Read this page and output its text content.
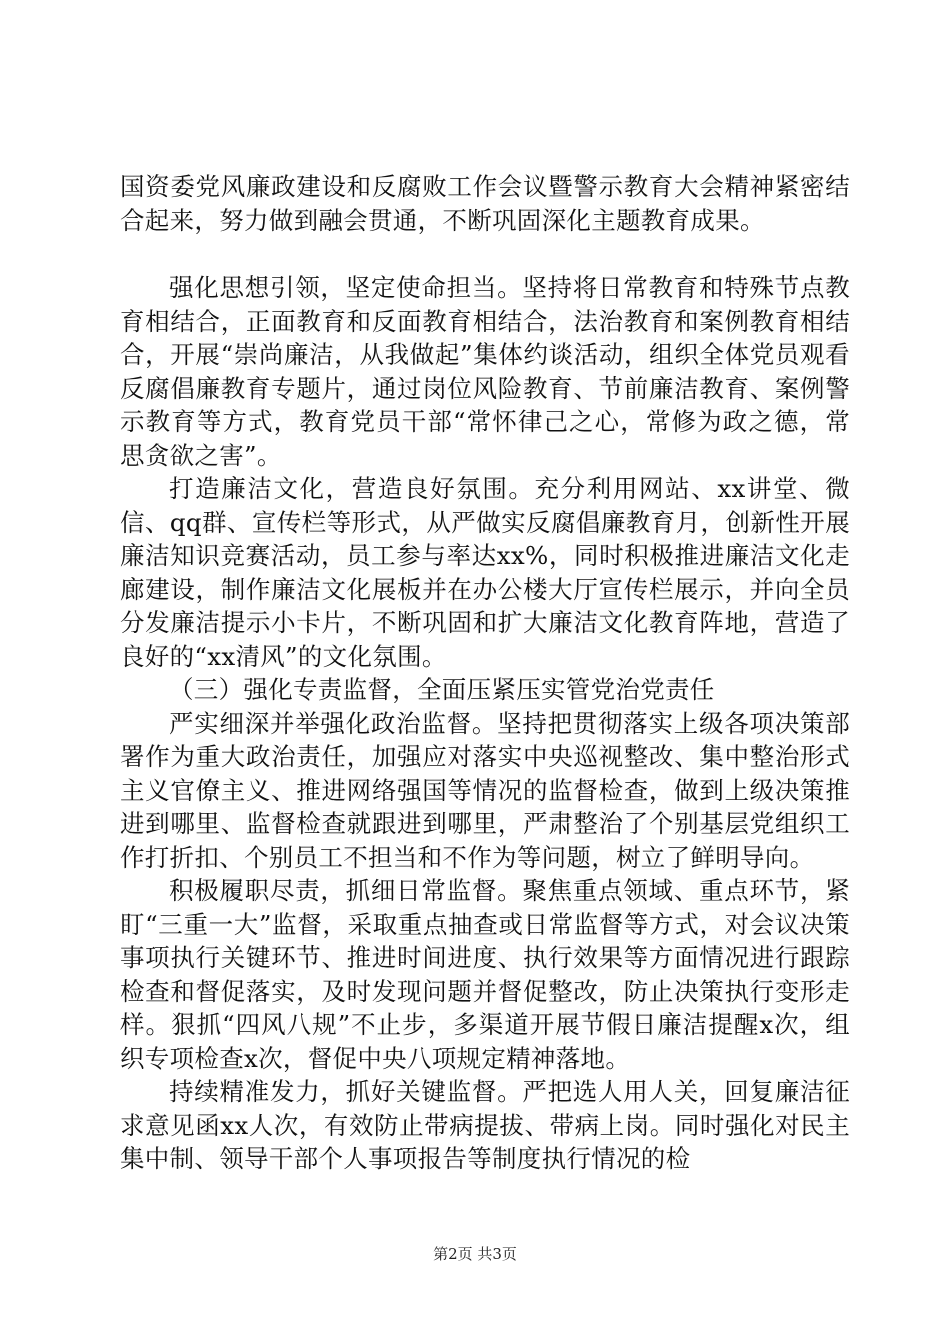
国资委党风廉政建设和反腐败工作会议暨警示教育大会精神紧密结合起来，努力做到融会贯通，不断巩固深化主题教育成果。

强化思想引领，坚定使命担当。坚持将日常教育和特殊节点教育相结合，正面教育和反面教育相结合，法治教育和案例教育相结合，开展“崇尚廉洁，从我做起”集体约谈活动，组织全体党员观看反腐倡廉教育专题片，通过岗位风险教育、节前廉洁教育、案例警示教育等方式，教育党员干部“常怀律己之心，常修为政之德，常思贪欲之害”。

打造廉洁文化，营造良好氛围。充分利用网站、xx讲堂、微信、qq群、宣传栏等形式，从严做实反腐倡廉教育月，创新性开展廉洁知识竞赛活动，员工参与率达xx%，同时积极推进廉洁文化走廊建设，制作廉洁文化展板并在办公楼大厅宣传栏展示，并向全员分发廉洁提示小卡片，不断巩固和扩大廉洁文化教育阵地，营造了良好的“xx清风”的文化氛围。

（三）强化专责监督，全面压紧压实管党治党责任

严实细深并举强化政治监督。坚持把贯彻落实上级各项决策部署作为重大政治责任，加强应对落实中央巡视整改、集中整治形式主义官僚主义、推进网络强国等情况的监督检查，做到上级决策推进到哪里、监督检查就跟进到哪里，严肃整治了个别基层党组织工作打折扣、个别员工不担当和不作为等问题，树立了鲜明导向。

积极履职尽责，抓细日常监督。聚焦重点领域、重点环节，紧盯“三重一大”监督，采取重点抽查或日常监督等方式，对会议决策事项执行关键环节、推进时间进度、执行效果等方面情况进行跟踪检查和督促落实，及时发现问题并督促整改，防止决策执行变形走样。狠抓“四风八规”不止步，多渠道开展节假日廉洁提醒x次，组织专项检查x次，督促中央八项规定精神落地。

持续精准发力，抓好关键监督。严把选人用人关，回复廉洁征求意见函xx人次，有效防止带病提拔、带病上岗。同时强化对民主集中制、领导干部个人事项报告等制度执行情况的检

第2页 共3页
